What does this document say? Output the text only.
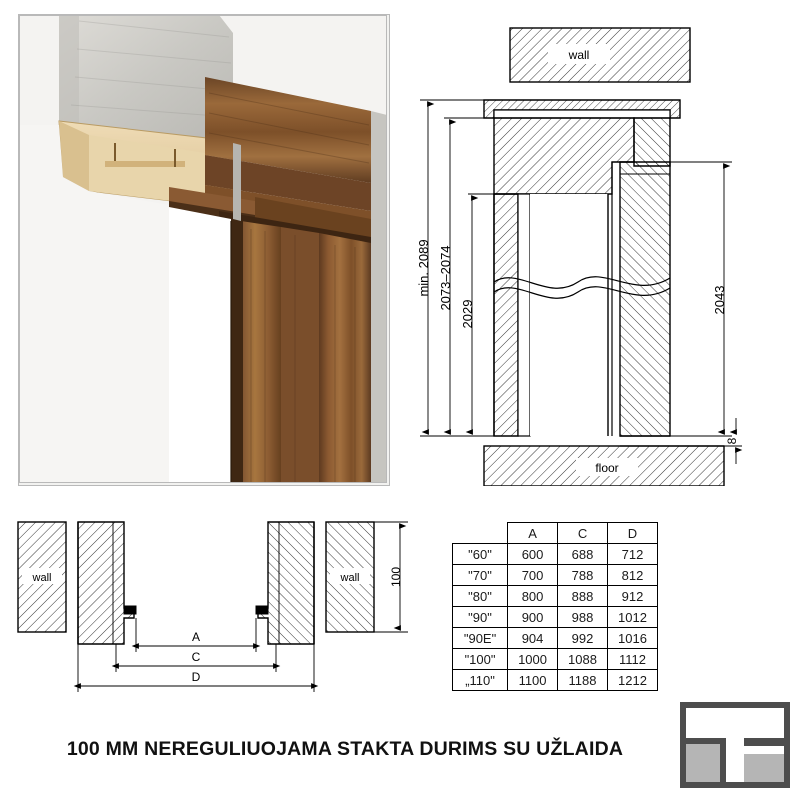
wall
floor
min. 2089 2073–2074
2029	2043
8
wall	wall 100
A
C
D
	A	C	D
"60"	600	688	712
"70"	700	788	812
"80"	800	888	912
"90"	900	988	1012
"90E"	904	992	1016
"100"	1000	1088	1112
„110"	1100	1188	1212
100 MM NEREGULIUOJAMA STAKTA DURIMS SU UŽLAIDA
